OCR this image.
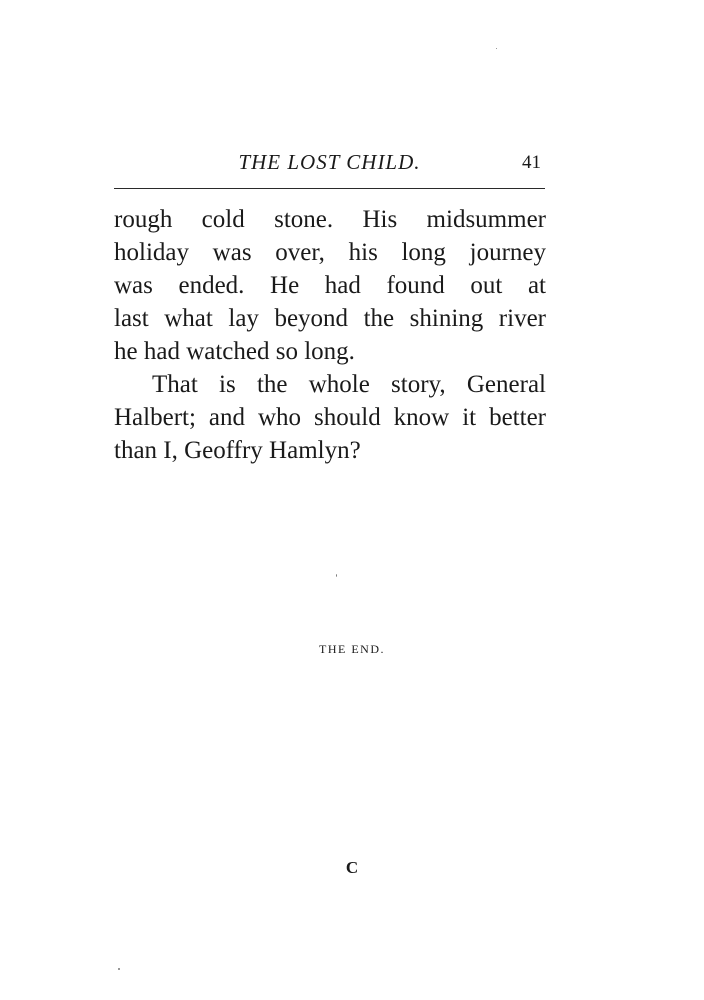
THE LOST CHILD.	41
rough cold stone. His midsummer
holiday was over, his long journey
was ended. He had found out at
last what lay beyond the shining river
he had watched so long.
That is the whole story, General
Halbert; and who should know it better
than I, Geoffry Hamlyn?
THE END.
C
